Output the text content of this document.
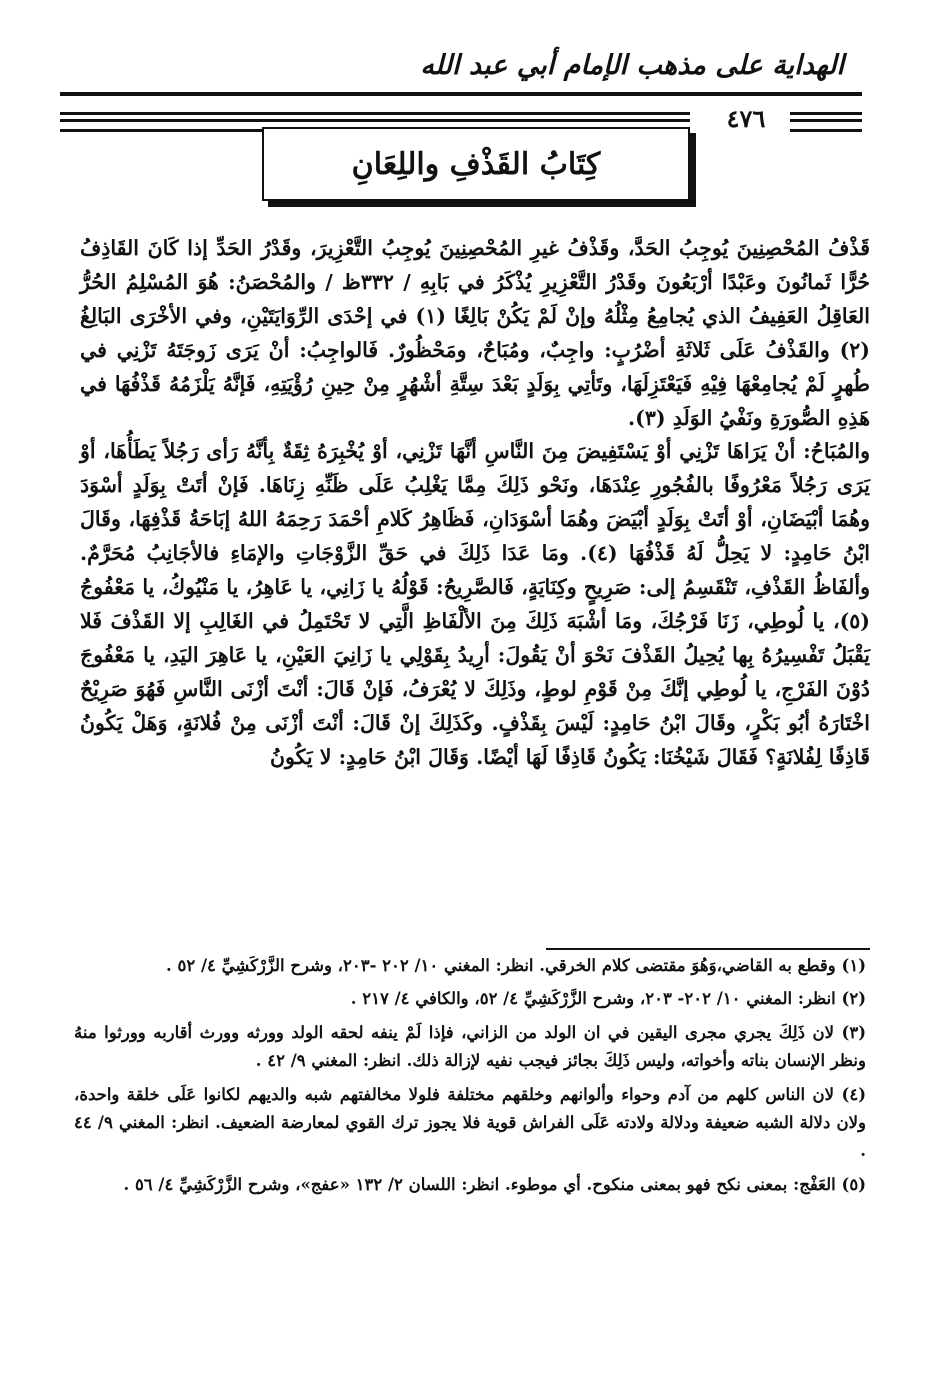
الهداية على مذهب الإمام أبي عبد الله
٤٧٦
كِتَابُ القَذْفِ واللِعَانِ

قَذْفُ المُحْصِنِينَ يُوجِبُ الحَدَّ، وقَذْفُ غيرِ المُحْصِنِينَ يُوجِبُ التَّعْزِيرَ، وقَدْرُ الحَدِّ إذا كَانَ القَاذِفُ حُرًّا ثَمانُونَ وعَبْدًا أرْبَعُونَ وقَدْرُ التَّعْزِيرِ يُذْكَرُ في بَابِهِ / ٣٣٢ظ / والمُحْصَنُ: هُوَ المُسْلِمُ الحُرُّ العَاقِلُ العَفِيفُ الذي يُجامِعُ مِثْلُهُ وإنْ لَمْ يَكُنْ بَالِغًا (١) في إحْدَى الرِّوَايَتَيْنِ، وفي الأخْرَى البَالِغُ (٢) والقَذْفُ عَلَى ثَلاثَةِ أضْرُبٍ: واجِبٌ، ومُبَاحٌ، ومَحْظُورٌ. فَالواجِبُ: أنْ يَرَى زَوجَتَهُ تَزْنِي في طُهرٍ لَمْ يُجامِعْهَا فِيْهِ فَيَعْتَزِلَهَا، وتَأتِي بِوَلَدٍ بَعْدَ سِتَّةِ أشْهُرٍ مِنْ حِينِ رُؤْيَتِهِ، فَإنَّهُ يَلْزَمُهُ قَذْفُهَا في هَذِهِ الصُّورَةِ ونَفْيُ الوَلَدِ (٣).

والمُبَاحُ: أنْ يَرَاهَا تَزْنِي أوْ يَسْتَفِيضَ مِنَ النَّاسِ أنَّهَا تَزْنِي، أوْ يُخْبِرَهُ ثِقَةٌ بِأنَّهُ رَأى رَجُلاً يَطَأُهَا، أوْ يَرَى رَجُلاً مَعْرُوفًا بالفُجُورِ عِنْدَهَا، ونَحْو ذَلِكَ مِمَّا يَغْلِبُ عَلَى ظَنِّهِ زِنَاهَا. فَإنْ أتَتْ بِوَلَدٍ أسْوَدَ وهُمَا أبْيَضَانِ، أوْ أتَتْ بِوَلَدٍ أبْيَضَ وهُمَا أسْوَدَانِ، فَظَاهِرُ كَلامِ أحْمَدَ رَحِمَهُ اللهُ إبَاحَةُ قَذْفِهَا، وقَالَ ابْنُ حَامِدٍ: لا يَحِلُّ لَهُ قَذْفُهَا (٤). ومَا عَدَا ذَلِكَ في حَقِّ الزَّوْجَاتِ والإمَاءِ فالأجَانِبُ مُحَرَّمٌ. وألفَاظُ القَذْفِ، تَنْقَسِمُ إلى: صَرِيحٍ وكِنَايَةٍ، فَالصَّرِيحُ: قَوْلُهُ يا زَانِي، يا عَاهِرُ، يا مَنْيُوكُ، يا مَعْفُوجُ (٥)، يا لُوطِي، زَنَا فَرْجُكَ، ومَا أشْبَهَ ذَلِكَ مِنَ الألْفَاظِ الَّتِي لا تَحْتَمِلُ في الغَالِبِ إلا القَذْفَ فَلا يَقْبَلُ تَفْسِيرُهُ بِها يُحِيلُ القَذْفَ نَحْوَ أنْ يَقُولَ: أرِيدُ بِقَوْلِي يا زَانِيَ العَيْنِ، يا عَاهِرَ اليَدِ، يا مَعْفُوجَ دُوْنَ الفَرْجِ، يا لُوطِي إنَّكَ مِنْ قَوْمِ لوطٍ، وذَلِكَ لا يُعْرَفُ، فَإنْ قَالَ: أنْتَ أزْنَى النَّاسِ فَهُوَ صَرِيْحٌ اخْتَارَهُ أبُو بَكْرٍ، وقَالَ ابْنُ حَامِدٍ: لَيْسَ بِقَذْفٍ. وكَذَلِكَ إنْ قَالَ: أنْتَ أزْنَى مِنْ فُلانَةٍ، وَهَلْ يَكُونُ قَاذِفًا لِفُلانَةٍ؟ فَقَالَ شَيْخُنَا: يَكُونُ قَاذِفًا لَهَا أيْضًا. وَقَالَ ابْنُ حَامِدٍ: لا يَكُونُ

(١) وقطع به القاضي،وَهُوَ مقتضى كلام الخرقي. انظر: المغني ١٠/ ٢٠٢ -٢٠٣، وشرح الزَّرْكَشِيِّ ٤/ ٥٢ .

(٢) انظر: المغني ١٠/ ٢٠٢- ٢٠٣، وشرح الزَّرْكَشِيِّ ٤/ ٥٢، والكافي ٤/ ٢١٧ .

(٣) لان ذَلِكَ يجري مجرى اليقين في ان الولد من الزاني، فإذا لَمْ ينفه لحقه الولد وورثه وورث أقاربه وورثوا منهُ ونظر الإنسان بناته وأخواته، وليس ذَلِكَ بجائز فيجب نفيه لإزالة ذلك. انظر: المغني ٩/ ٤٢ .

(٤) لان الناس كلهم من آدم وحواء وألوانهم وخلقهم مختلفة فلولا مخالفتهم شبه والديهم لكانوا عَلَى خلقة واحدة، ولان دلالة الشبه ضعيفة ودلالة ولادته عَلَى الفراش قوية فلا يجوز ترك القوي لمعارضة الضعيف. انظر: المغني ٩/ ٤٤ .

(٥) العَفْج: بمعنى نكح فهو بمعنى منكوح. أي موطوء. انظر: اللسان ٢/ ١٣٢ «عفج»، وشرح الزَّرْكَشِيِّ ٤/ ٥٦ .
